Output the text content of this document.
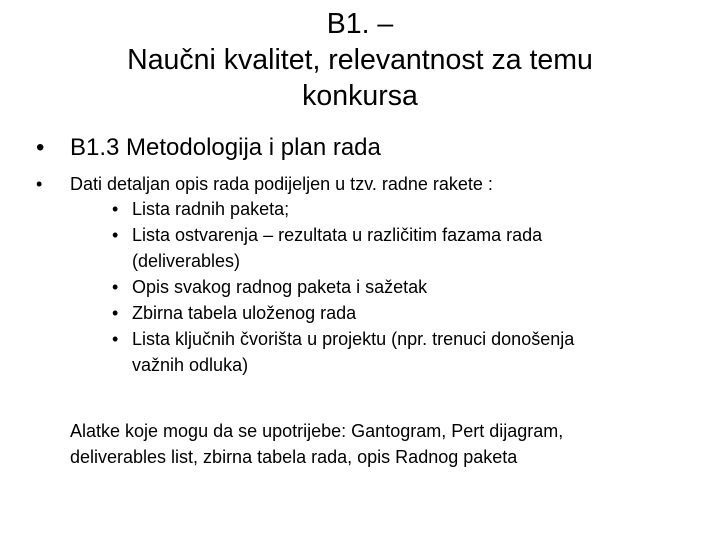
B1. –
Naučni kvalitet, relevantnost za temu
konkursa
• B1.3 Metodologija i plan rada
• Dati detaljan opis rada podijeljen u tzv. radne rakete :
• Lista radnih paketa;
• Lista ostvarenja – rezultata u različitim fazama rada
(deliverables)
• Opis svakog radnog paketa i sažetak
• Zbirna tabela uloženog rada
• Lista ključnih čvorišta u projektu (npr. trenuci donošenja
važnih odluka)
Alatke koje mogu da se upotrijebe: Gantogram, Pert dijagram,
deliverables list, zbirna tabela rada, opis Radnog paketa
